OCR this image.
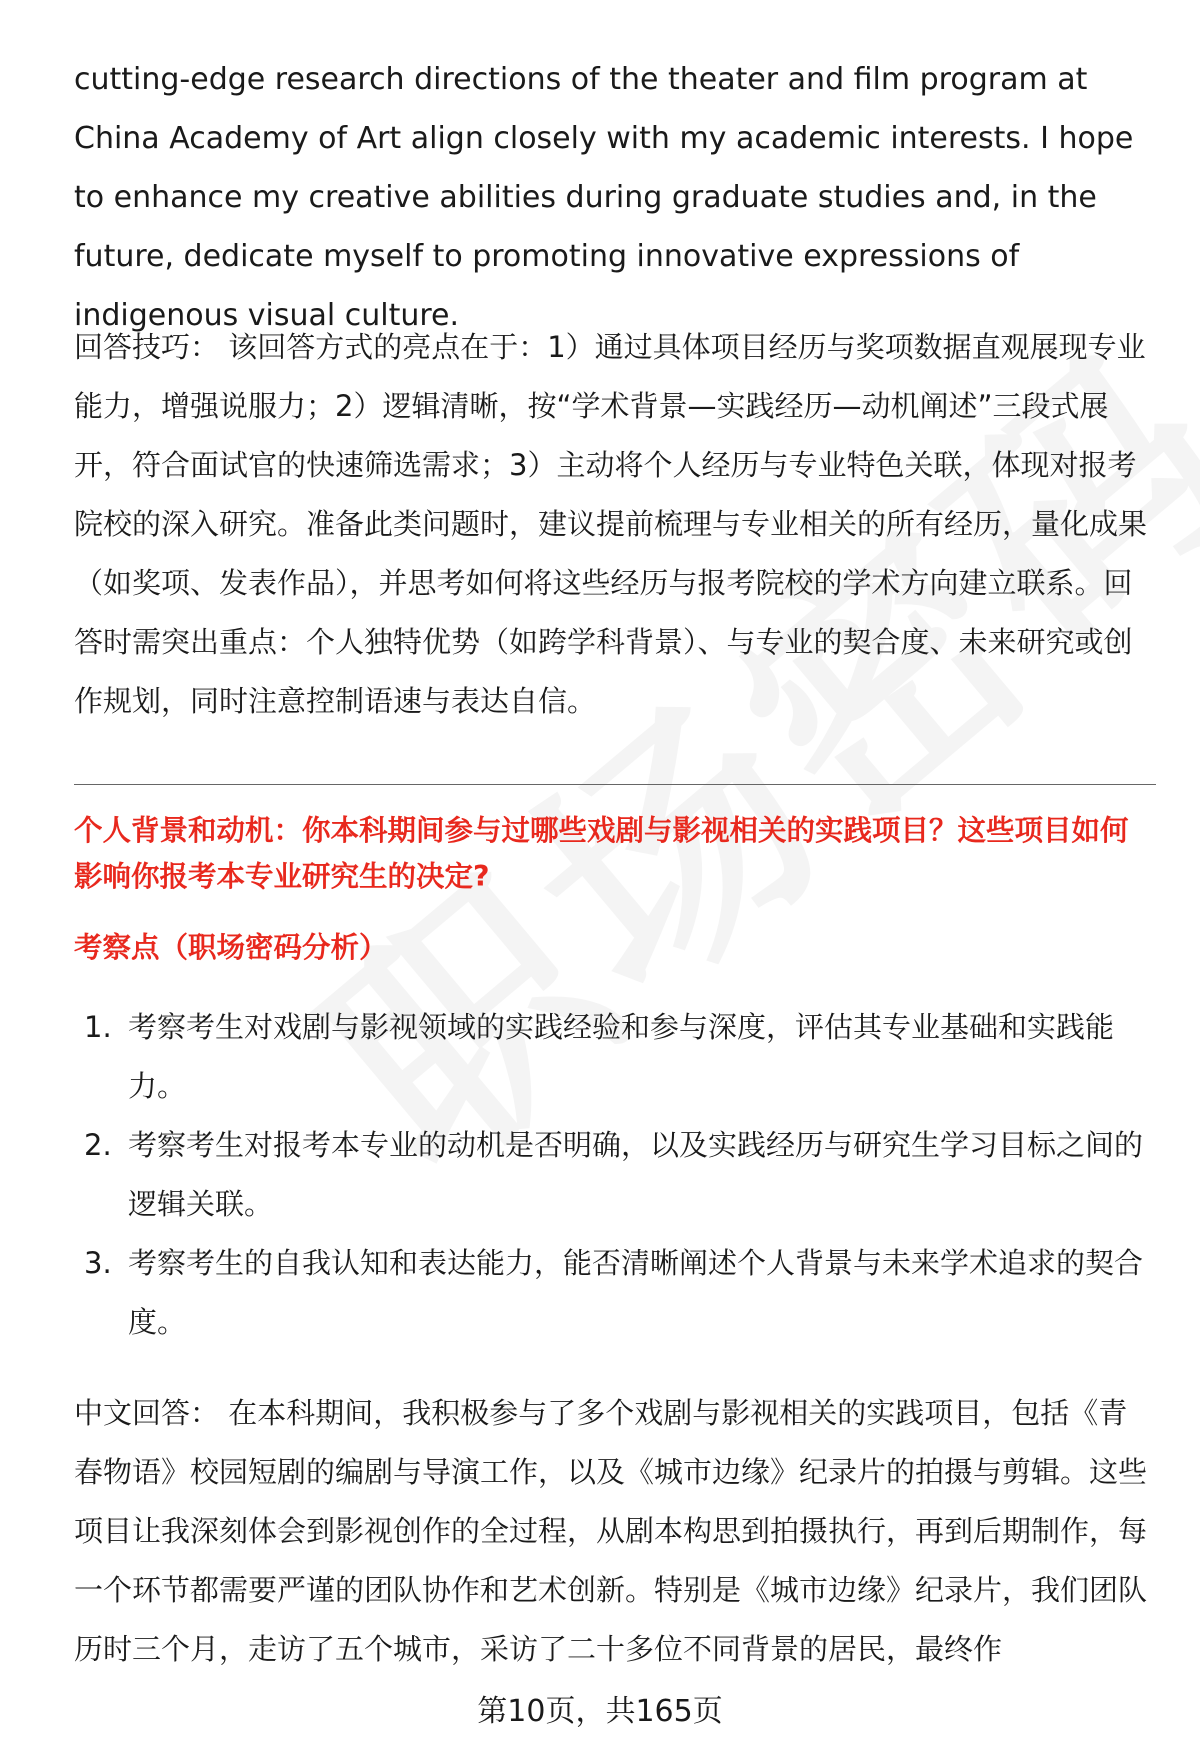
cutting-edge research directions of the theater and film program at China Academy of Art align closely with my academic interests. I hope to enhance my creative abilities during graduate studies and, in the future, dedicate myself to promoting innovative expressions of indigenous visual culture.

回答技巧： 该回答方式的亮点在于：1）通过具体项目经历与奖项数据直观展现专业能力，增强说服力；2）逻辑清晰，按“学术背景—实践经历—动机阐述”三段式展开，符合面试官的快速筛选需求；3）主动将个人经历与专业特色关联，体现对报考院校的深入研究。准备此类问题时，建议提前梳理与专业相关的所有经历，量化成果（如奖项、发表作品），并思考如何将这些经历与报考院校的学术方向建立联系。回答时需突出重点：个人独特优势（如跨学科背景）、与专业的契合度、未来研究或创作规划，同时注意控制语速与表达自信。

个人背景和动机：你本科期间参与过哪些戏剧与影视相关的实践项目？这些项目如何影响你报考本专业研究生的决定?

考察点（职场密码分析）

1. 考察考生对戏剧与影视领域的实践经验和参与深度，评估其专业基础和实践能力。
2. 考察考生对报考本专业的动机是否明确，以及实践经历与研究生学习目标之间的逻辑关联。
3. 考察考生的自我认知和表达能力，能否清晰阐述个人背景与未来学术追求的契合度。

中文回答： 在本科期间，我积极参与了多个戏剧与影视相关的实践项目，包括《青春物语》校园短剧的编剧与导演工作，以及《城市边缘》纪录片的拍摄与剪辑。这些项目让我深刻体会到影视创作的全过程，从剧本构思到拍摄执行，再到后期制作，每一个环节都需要严谨的团队协作和艺术创新。特别是《城市边缘》纪录片，我们团队历时三个月，走访了五个城市，采访了二十多位不同背景的居民，最终作

第10页，共165页
